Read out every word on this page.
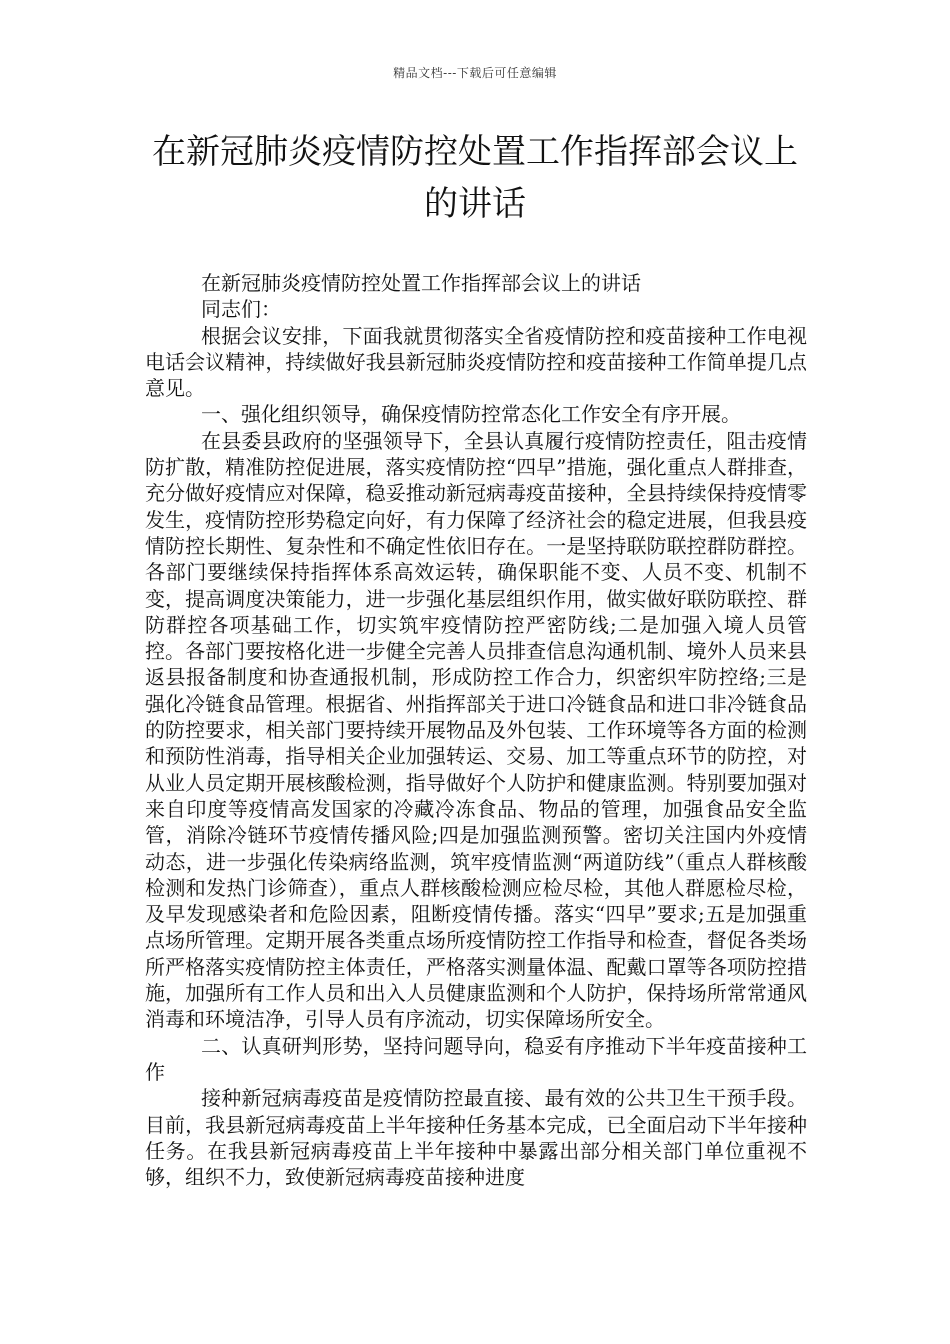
精品文档---下载后可任意编辑
在新冠肺炎疫情防控处置工作指挥部会议上的讲话

在新冠肺炎疫情防控处置工作指挥部会议上的讲话

同志们：

根据会议安排，下面我就贯彻落实全省疫情防控和疫苗接种工作电视电话会议精神，持续做好我县新冠肺炎疫情防控和疫苗接种工作简单提几点意见。

一、强化组织领导，确保疫情防控常态化工作安全有序开展。

在县委县政府的坚强领导下，全县认真履行疫情防控责任，阻击疫情防扩散，精准防控促进展，落实疫情防控“四早”措施，强化重点人群排查，充分做好疫情应对保障，稳妥推动新冠病毒疫苗接种，全县持续保持疫情零发生，疫情防控形势稳定向好，有力保障了经济社会的稳定进展，但我县疫情防控长期性、复杂性和不确定性依旧存在。一是坚持联防联控群防群控。各部门要继续保持指挥体系高效运转，确保职能不变、人员不变、机制不变，提高调度决策能力，进一步强化基层组织作用，做实做好联防联控、群防群控各项基础工作，切实筑牢疫情防控严密防线;二是加强入境人员管控。各部门要按格化进一步健全完善人员排查信息沟通机制、境外人员来县返县报备制度和协查通报机制，形成防控工作合力，织密织牢防控络;三是强化冷链食品管理。根据省、州指挥部关于进口冷链食品和进口非冷链食品的防控要求，相关部门要持续开展物品及外包装、工作环境等各方面的检测和预防性消毒，指导相关企业加强转运、交易、加工等重点环节的防控，对从业人员定期开展核酸检测，指导做好个人防护和健康监测。特别要加强对来自印度等疫情高发国家的冷藏冷冻食品、物品的管理，加强食品安全监管，消除冷链环节疫情传播风险;四是加强监测预警。密切关注国内外疫情动态，进一步强化传染病络监测，筑牢疫情监测“两道防线”（重点人群核酸检测和发热门诊筛查），重点人群核酸检测应检尽检，其他人群愿检尽检，及早发现感染者和危险因素，阻断疫情传播。落实“四早”要求;五是加强重点场所管理。定期开展各类重点场所疫情防控工作指导和检查，督促各类场所严格落实疫情防控主体责任，严格落实测量体温、配戴口罩等各项防控措施，加强所有工作人员和出入人员健康监测和个人防护，保持场所常常通风消毒和环境洁净，引导人员有序流动，切实保障场所安全。

二、认真研判形势，坚持问题导向，稳妥有序推动下半年疫苗接种工作

接种新冠病毒疫苗是疫情防控最直接、最有效的公共卫生干预手段。目前，我县新冠病毒疫苗上半年接种任务基本完成，已全面启动下半年接种任务。在我县新冠病毒疫苗上半年接种中暴露出部分相关部门单位重视不够，组织不力，致使新冠病毒疫苗接种进度
